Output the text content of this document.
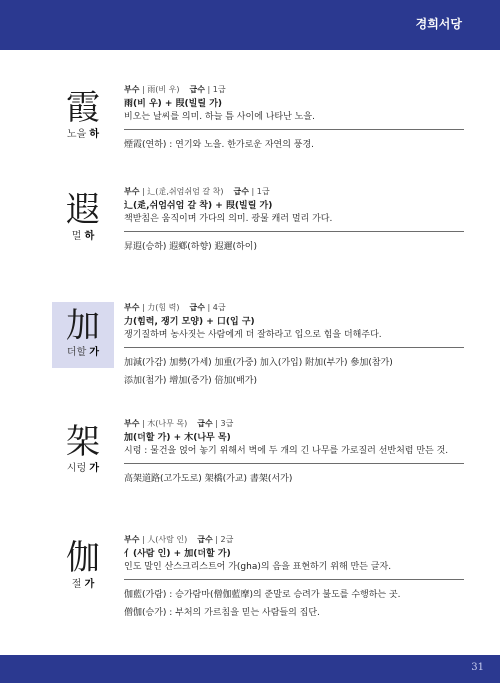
경희서당
霞
노을 하
부수 | 雨(비 우) 급수 | 1급
雨(비 우) + 叚(빌릴 가)
비오는 날씨를 의미. 하늘 틈 사이에 나타난 노을.
煙霞(연하) : 연기와 노을. 한가로운 자연의 풍경.
遐
멀 하
부수 | 辶(辵,쉬엄쉬엄 갈 착) 급수 | 1급
辶(辵,쉬엄쉬엄 갈 착) + 叚(빌릴 가)
책받침은 움직이며 가다의 의미. 광물 캐러 멀리 가다.
昇遐(승하) 遐鄕(하향) 遐邇(하이)
加
더할 가
부수 | 力(힘 력) 급수 | 4급
力(힘력, 쟁기 모양) + 口(입 구)
쟁기질하며 농사짓는 사람에게 더 잘하라고 입으로 힘을 더해주다.
加減(가감) 加勢(가세) 加重(가중) 加入(가입) 附加(부가) 參加(참가)
添加(첨가) 增加(증가) 倍加(배가)
架
시렁 가
부수 | 木(나무 목) 급수 | 3급
加(더할 가) + 木(나무 목)
시렁 : 물건을 얹어 놓기 위해서 벽에 두 개의 긴 나무를 가로질러 선반처럼 만든 것.
高架道路(고가도로) 架橋(가교) 書架(서가)
伽
절 가
부수 | 人(사람 인) 급수 | 2급
亻(사람 인) + 加(더할 가)
인도 말인 산스크리스트어 가(gha)의 음을 표현하기 위해 만든 글자.
伽藍(가람) : 승가람마(僧伽藍摩)의 준말로 승려가 불도를 수행하는 곳.
僧伽(승가) : 부처의 가르침을 믿는 사람들의 집단.
31
